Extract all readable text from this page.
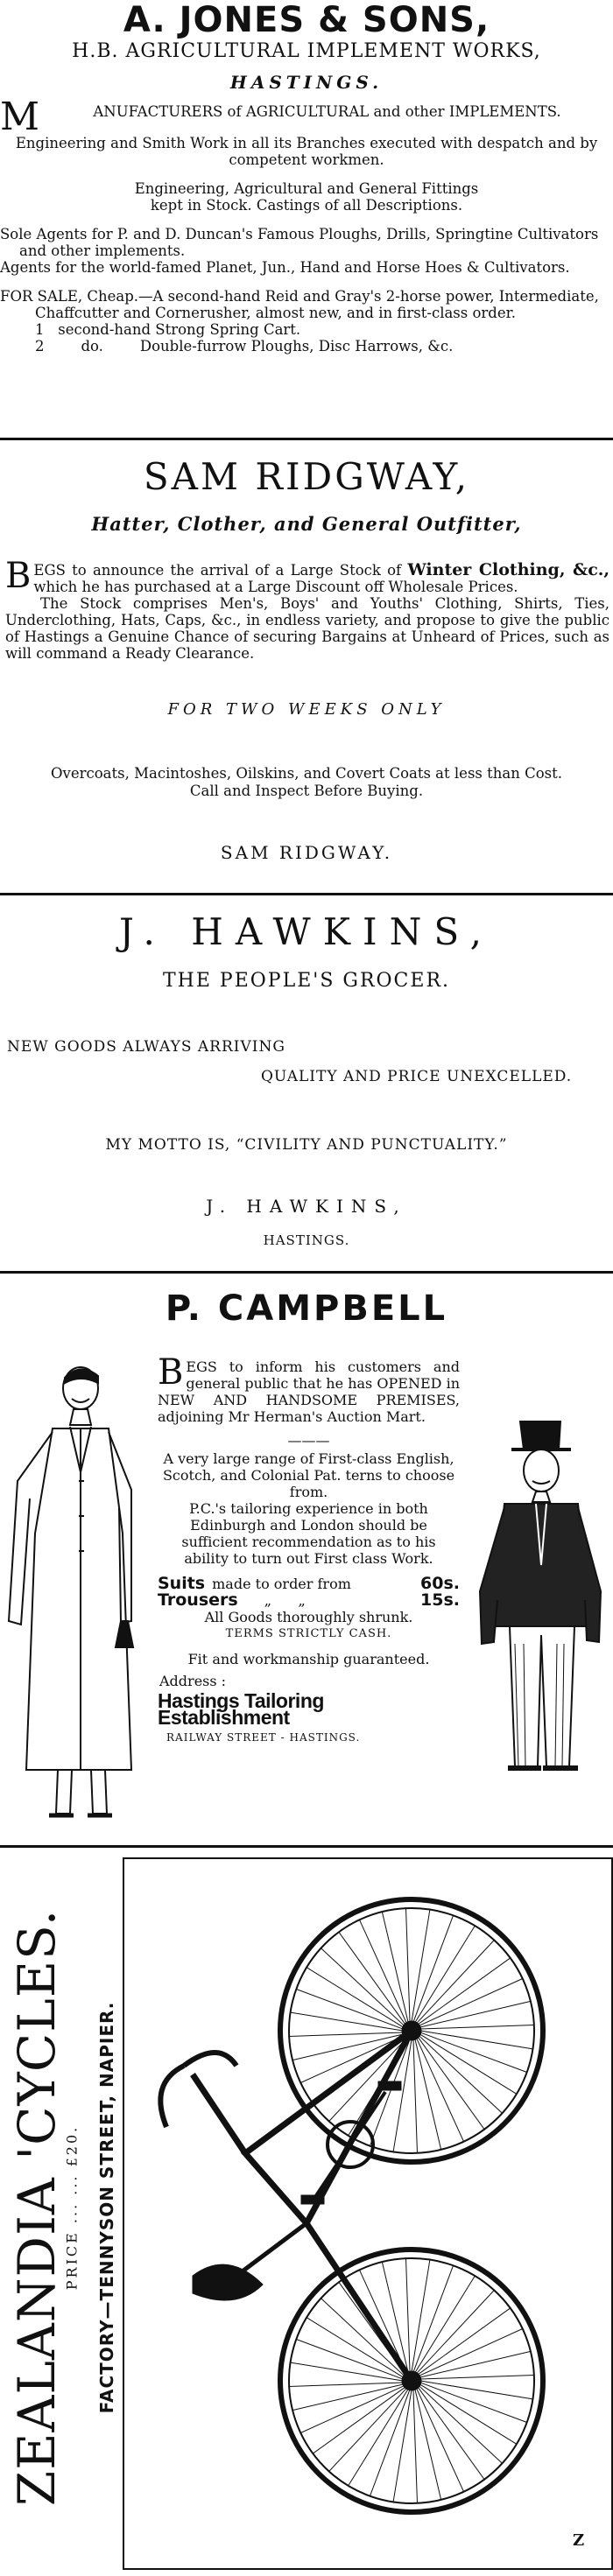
A. JONES & SONS,
H.B. AGRICULTURAL IMPLEMENT WORKS,
HASTINGS.

M	ANUFACTURERS of AGRICULTURAL and other IMPLEMENTS.

Engineering and Smith Work in all its Branches executed with despatch and by competent workmen.

Engineering, Agricultural and General Fittings kept in Stock. Castings of all Descriptions.

Sole Agents for P. and D. Duncan's Famous Ploughs, Drills, Springtine Cultivators and other implements.

Agents for the world-famed Planet, Jun., Hand and Horse Hoes & Cultivators.

FOR SALE, Cheap.—A second-hand Reid and Gray's 2-horse power, Intermediate, Chaffcutter and Cornerusher, almost new, and in first-class order.

1   second-hand Strong Spring Cart.

2        do.        Double-furrow Ploughs, Disc Harrows, &c.

SAM RIDGWAY,
Hatter, Clother, and General Outfitter,

BEGS to announce the arrival of a Large Stock of Winter Clothing, &c., which he has purchased at a Large Discount off Wholesale Prices.

The Stock comprises Men's, Boys' and Youths' Clothing, Shirts, Ties, Underclothing, Hats, Caps, &c., in endless variety, and propose to give the public of Hastings a Genuine Chance of securing Bargains at Unheard of Prices, such as will command a Ready Clearance.

FOR TWO WEEKS ONLY
Overcoats, Macintoshes, Oilskins, and Covert Coats at less than Cost.
Call and Inspect Before Buying.
SAM RIDGWAY.
J. HAWKINS,
THE PEOPLE'S GROCER.
NEW GOODS ALWAYS ARRIVING
QUALITY AND PRICE UNEXCELLED.
MY MOTTO IS, “CIVILITY AND PUNCTUALITY.”
J. HAWKINS,
HASTINGS.
P. CAMPBELL

BEGS to inform his customers and general public that he has OPENED in NEW AND HANDSOME PREMISES, adjoining Mr Herman's Auction Mart.

———

A very large range of First-class English, Scotch, and Colonial Pat. terns to choose from.

P.C.'s tailoring experience in both Edinburgh and London should be sufficient recommendation as to his ability to turn out First class Work.

Suits made to order from	60s.
Trousers „      „	15s.

All Goods thoroughly shrunk.

TERMS STRICTLY CASH.

Fit and workmanship guaranteed.

Address :

Hastings Tailoring Establishment

RAILWAY STREET - HASTINGS.

ZEALANDIA 'CYCLES.
PRICE ... ... £20. FACTORY—TENNYSON STREET, NAPIER.
Z
